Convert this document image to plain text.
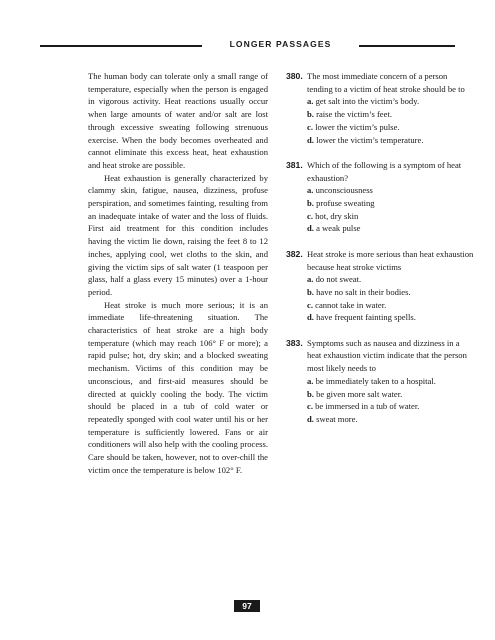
LONGER PASSAGES

The human body can tolerate only a small range of temperature, especially when the person is engaged in vigorous activity. Heat reactions usually occur when large amounts of water and/or salt are lost through excessive sweating following strenuous exercise. When the body becomes overheated and cannot eliminate this excess heat, heat exhaustion and heat stroke are possible.

Heat exhaustion is generally characterized by clammy skin, fatigue, nausea, dizziness, profuse perspiration, and sometimes fainting, resulting from an inadequate intake of water and the loss of fluids. First aid treatment for this condition includes having the victim lie down, raising the feet 8 to 12 inches, applying cool, wet cloths to the skin, and giving the victim sips of salt water (1 teaspoon per glass, half a glass every 15 minutes) over a 1-hour period.

Heat stroke is much more serious; it is an immediate life-threatening situation. The characteristics of heat stroke are a high body temperature (which may reach 106° F or more); a rapid pulse; hot, dry skin; and a blocked sweating mechanism. Victims of this condition may be unconscious, and first-aid measures should be directed at quickly cooling the body. The victim should be placed in a tub of cold water or repeatedly sponged with cool water until his or her temperature is sufficiently lowered. Fans or air conditioners will also help with the cooling process. Care should be taken, however, not to over-chill the victim once the temperature is below 102° F.

380. The most immediate concern of a person tending to a victim of heat stroke should be to
a. get salt into the victim’s body.
b. raise the victim’s feet.
c. lower the victim’s pulse.
d. lower the victim’s temperature.
381. Which of the following is a symptom of heat exhaustion?
a. unconsciousness
b. profuse sweating
c. hot, dry skin
d. a weak pulse
382. Heat stroke is more serious than heat exhaustion because heat stroke victims
a. do not sweat.
b. have no salt in their bodies.
c. cannot take in water.
d. have frequent fainting spells.
383. Symptoms such as nausea and dizziness in a heat exhaustion victim indicate that the person most likely needs to
a. be immediately taken to a hospital.
b. be given more salt water.
c. be immersed in a tub of water.
d. sweat more.
97
